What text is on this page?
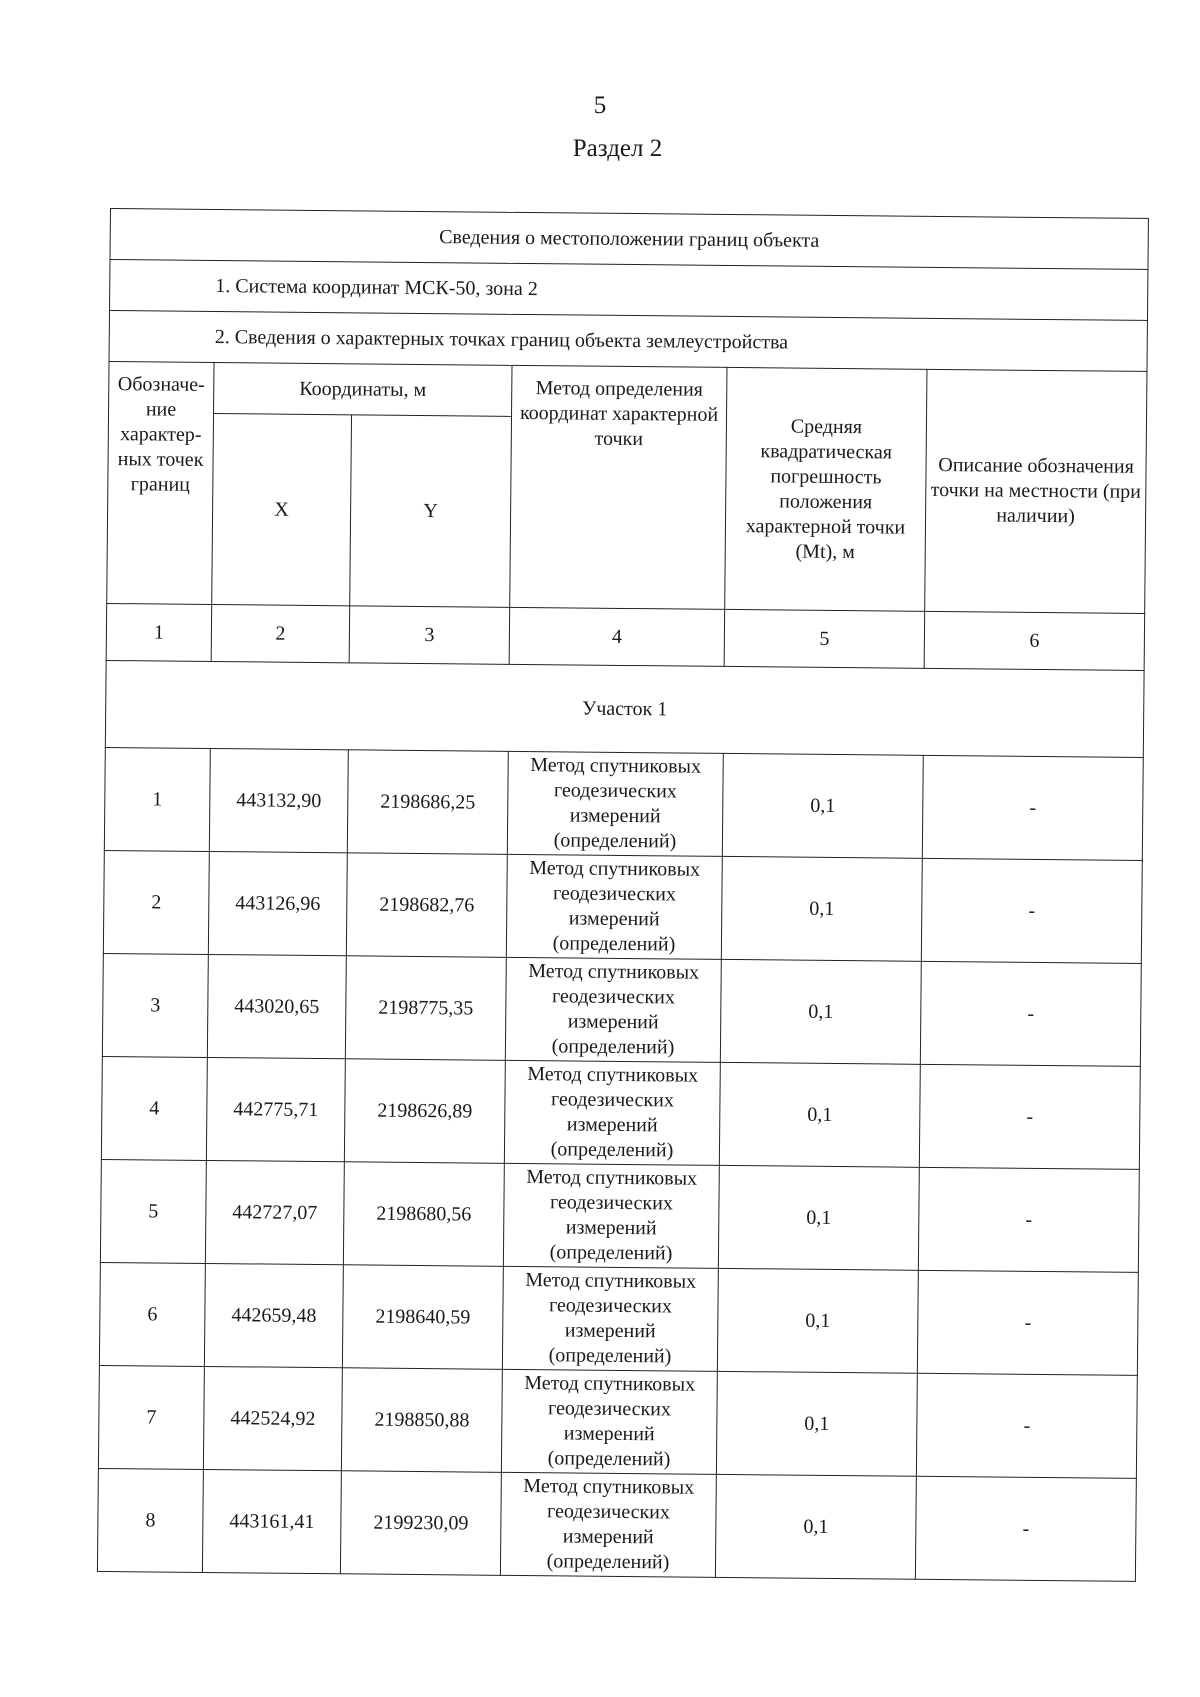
5
Раздел 2
Сведения о местоположении границ объекта					
1. Система координат МСК-50, зона 2					
2. Сведения о характерных точках границ объекта землеустройства					
Обозначе-ние характер-ных точек границ	Координаты, м		Метод определения координат характерной точки	Средняя квадратическая погрешность положения характерной точки (Mt), м	Описание обозначения точки на местности (при наличии)
	X	Y			
1	2	3	4	5	6
Участок 1					
1	443132,90	2198686,25	Метод спутниковых геодезических измерений (определений)	0,1	-
2	443126,96	2198682,76	Метод спутниковых геодезических измерений (определений)	0,1	-
3	443020,65	2198775,35	Метод спутниковых геодезических измерений (определений)	0,1	-
4	442775,71	2198626,89	Метод спутниковых геодезических измерений (определений)	0,1	-
5	442727,07	2198680,56	Метод спутниковых геодезических измерений (определений)	0,1	-
6	442659,48	2198640,59	Метод спутниковых геодезических измерений (определений)	0,1	-
7	442524,92	2198850,88	Метод спутниковых геодезических измерений (определений)	0,1	-
8	443161,41	2199230,09	Метод спутниковых геодезических измерений (определений)	0,1	-
